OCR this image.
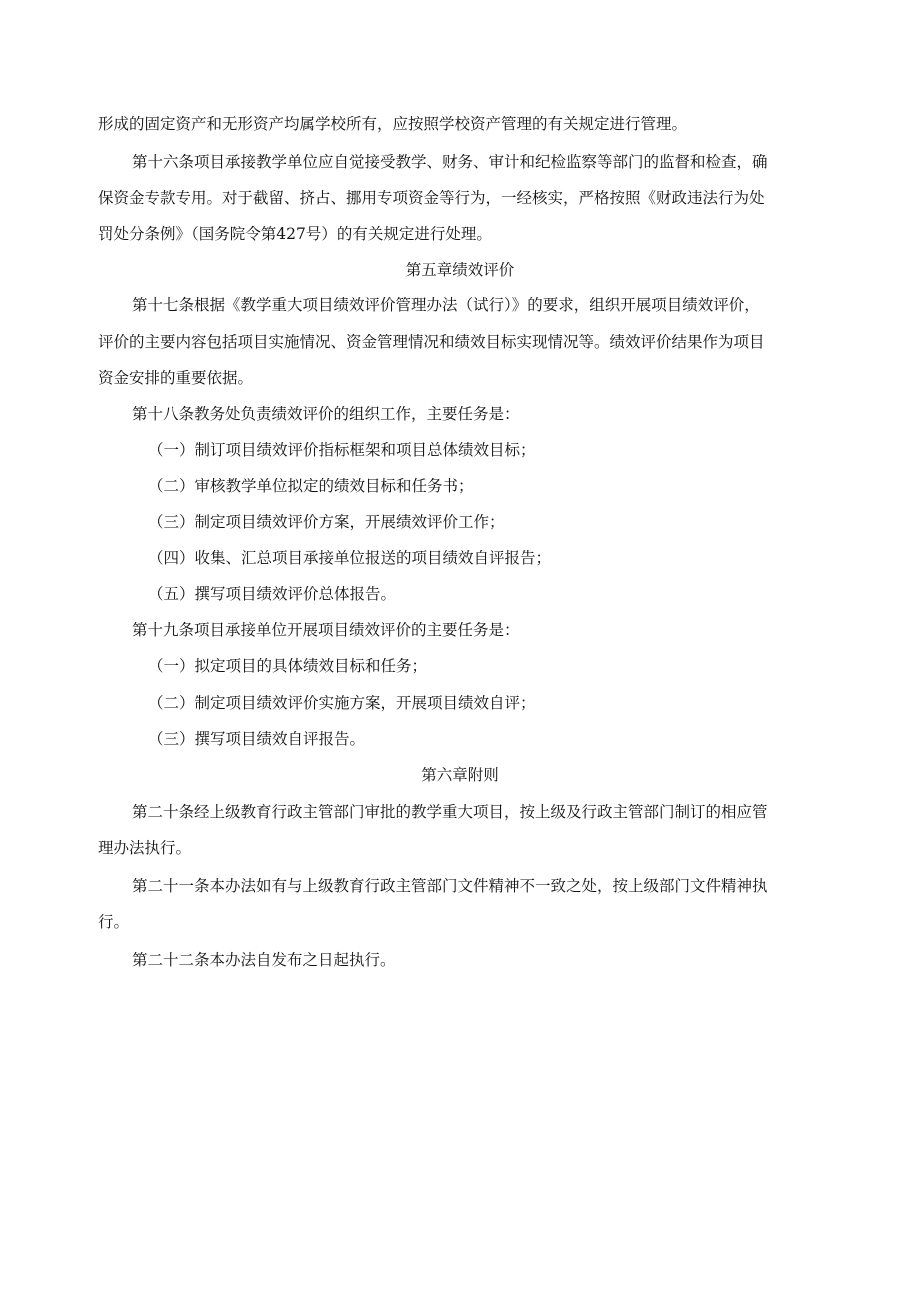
形成的固定资产和无形资产均属学校所有，应按照学校资产管理的有关规定进行管理。
第十六条项目承接教学单位应自觉接受教学、财务、审计和纪检监察等部门的监督和检查，确
保资金专款专用。对于截留、挤占、挪用专项资金等行为，一经核实，严格按照《财政违法行为处
罚处分条例》（国务院令第427号）的有关规定进行处理。
第五章绩效评价
第十七条根据《教学重大项目绩效评价管理办法（试行）》的要求，组织开展项目绩效评价，
评价的主要内容包括项目实施情况、资金管理情况和绩效目标实现情况等。绩效评价结果作为项目
资金安排的重要依据。
第十八条教务处负责绩效评价的组织工作，主要任务是：
（一）制订项目绩效评价指标框架和项目总体绩效目标；
（二）审核教学单位拟定的绩效目标和任务书；
（三）制定项目绩效评价方案，开展绩效评价工作；
（四）收集、汇总项目承接单位报送的项目绩效自评报告；
（五）撰写项目绩效评价总体报告。
第十九条项目承接单位开展项目绩效评价的主要任务是：
（一）拟定项目的具体绩效目标和任务；
（二）制定项目绩效评价实施方案，开展项目绩效自评；
（三）撰写项目绩效自评报告。
第六章附则
第二十条经上级教育行政主管部门审批的教学重大项目，按上级及行政主管部门制订的相应管
理办法执行。
第二十一条本办法如有与上级教育行政主管部门文件精神不一致之处，按上级部门文件精神执
行。
第二十二条本办法自发布之日起执行。
